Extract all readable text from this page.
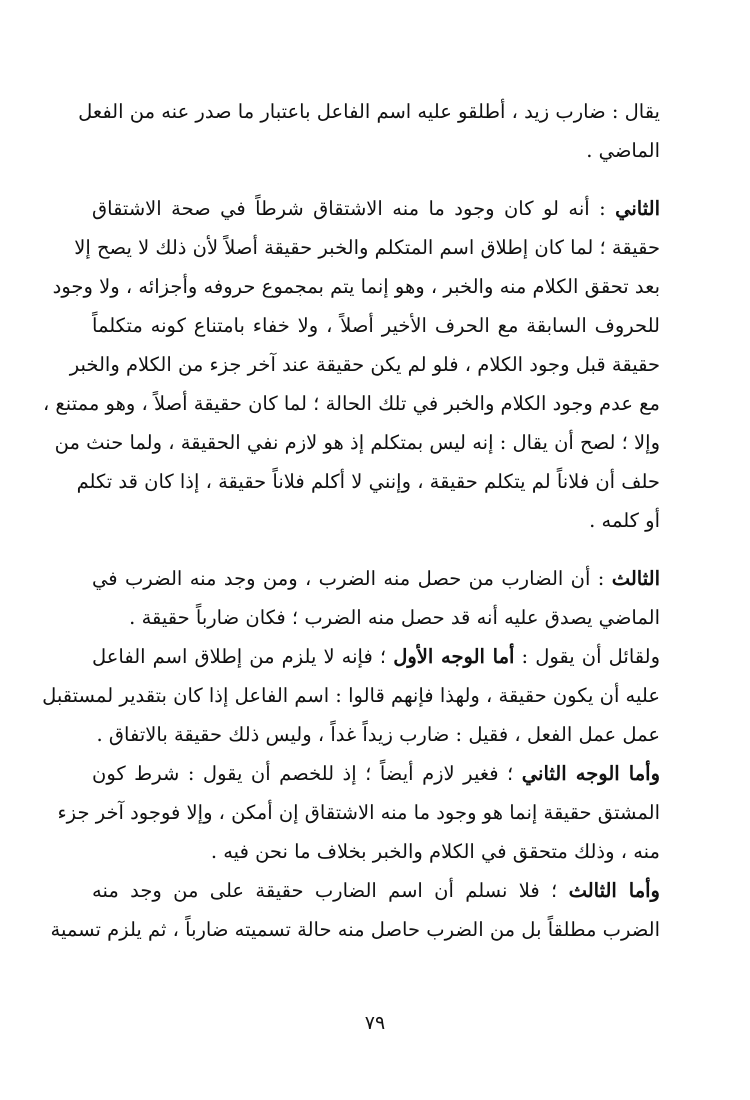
يقال : ضارب زيد ، أطلقو عليه اسم الفاعل باعتبار ما صدر عنه من الفعل
الماضي .
الثاني : أنه لو كان وجود ما منه الاشتقاق شرطاً في صحة الاشتقاق
حقيقة ؛ لما كان إطلاق اسم المتكلم والخبر حقيقة أصلاً لأن ذلك لا يصح إلا
بعد تحقق الكلام منه والخبر ، وهو إنما يتم بمجموع حروفه وأجزائه ، ولا وجود
للحروف السابقة مع الحرف الأخير أصلاً ، ولا خفاء بامتناع كونه متكلماً
حقيقة قبل وجود الكلام ، فلو لم يكن حقيقة عند آخر جزء من الكلام والخبر
مع عدم وجود الكلام والخبر في تلك الحالة ؛ لما كان حقيقة أصلاً ، وهو ممتنع ،
وإلا ؛ لصح أن يقال : إنه ليس بمتكلم إذ هو لازم نفي الحقيقة ، ولما حنث من
حلف أن فلاناً لم يتكلم حقيقة ، وإنني لا أكلم فلاناً حقيقة ، إذا كان قد تكلم
أو كلمه .
الثالث : أن الضارب من حصل منه الضرب ، ومن وجد منه الضرب في
الماضي يصدق عليه أنه قد حصل منه الضرب ؛ فكان ضارباً حقيقة .
ولقائل أن يقول : أما الوجه الأول ؛ فإنه لا يلزم من إطلاق اسم الفاعل
عليه أن يكون حقيقة ، ولهذا فإنهم قالوا : اسم الفاعل إذا كان بتقدير لمستقبل
عمل عمل الفعل ، فقيل : ضارب زيداً غداً ، وليس ذلك حقيقة بالاتفاق .
وأما الوجه الثاني ؛ فغير لازم أيضاً ؛ إذ للخصم أن يقول : شرط كون
المشتق حقيقة إنما هو وجود ما منه الاشتقاق إن أمكن ، وإلا فوجود آخر جزء
منه ، وذلك متحقق في الكلام والخبر بخلاف ما نحن فيه .
وأما الثالث ؛ فلا نسلم أن اسم الضارب حقيقة على من وجد منه
الضرب مطلقاً بل من الضرب حاصل منه حالة تسميته ضارباً ، ثم يلزم تسمية
٧٩
